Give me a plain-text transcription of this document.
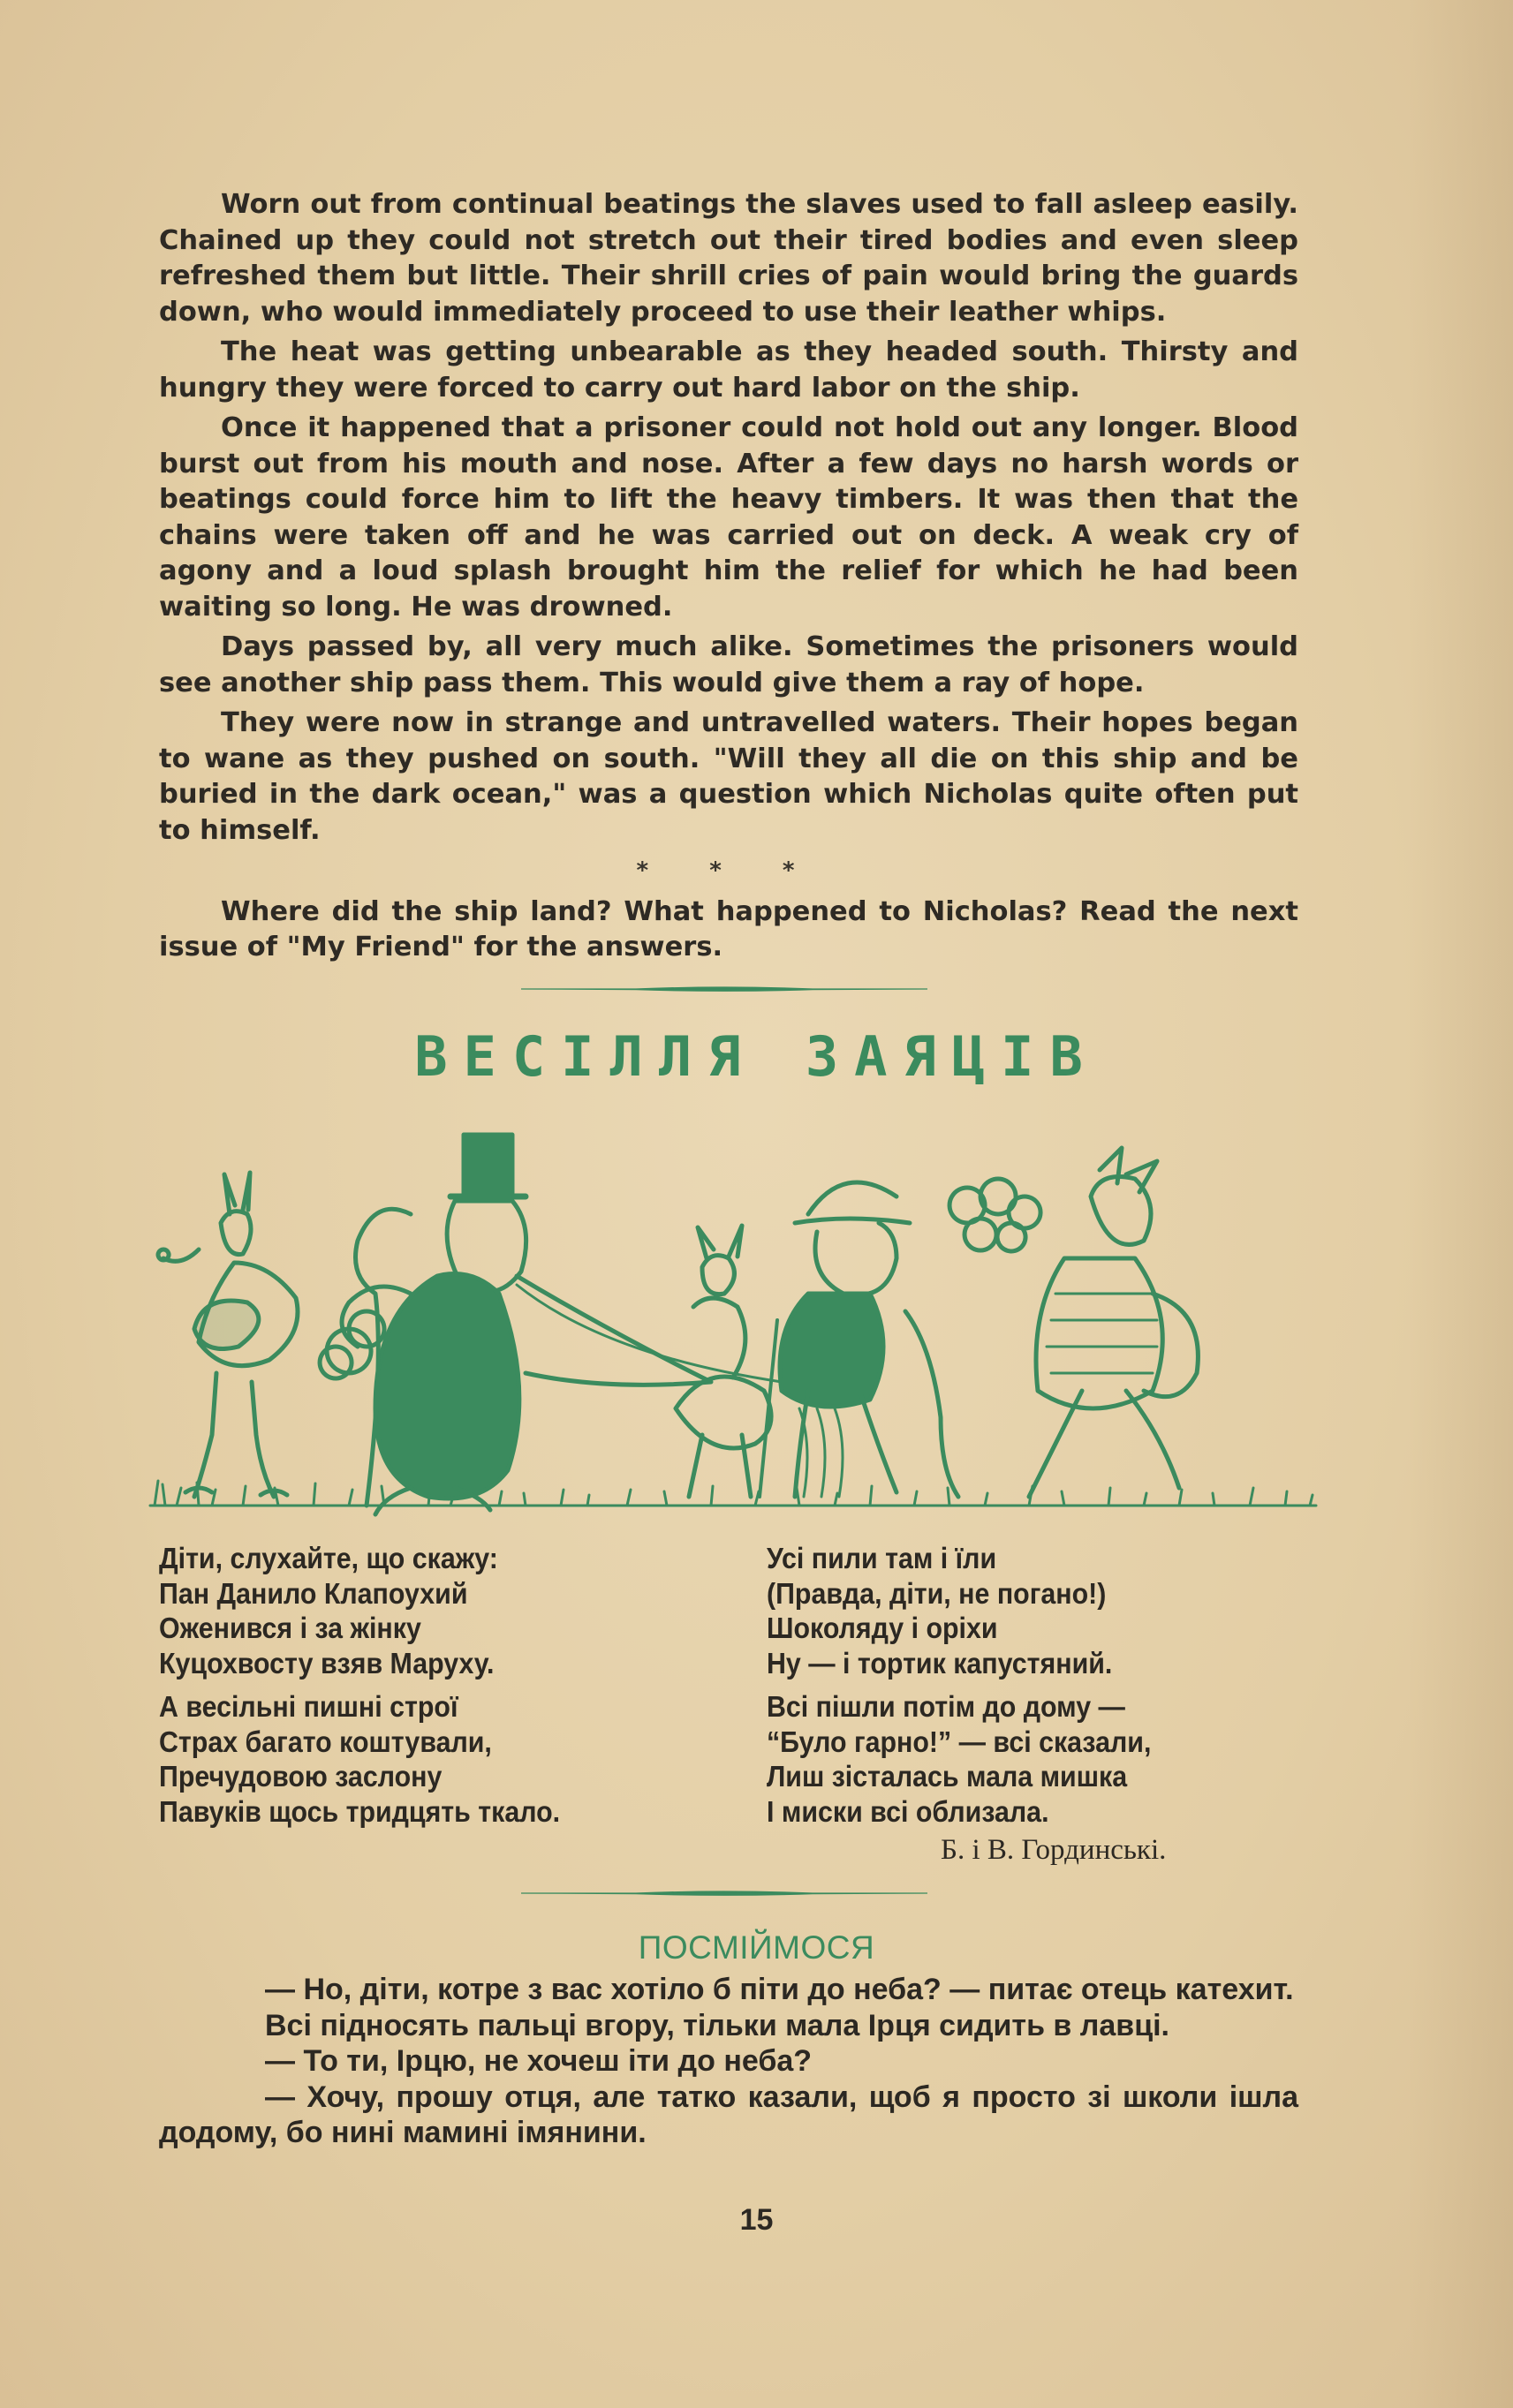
Worn out from continual beatings the slaves used to fall asleep easily. Chained up they could not stretch out their tired bodies and even sleep refreshed them but little. Their shrill cries of pain would bring the guards down, who would immediately proceed to use their leather whips.

The heat was getting unbearable as they headed south. Thirsty and hungry they were forced to carry out hard labor on the ship.

Once it happened that a prisoner could not hold out any longer. Blood burst out from his mouth and nose. After a few days no harsh words or beatings could force him to lift the heavy timbers. It was then that the chains were taken off and he was carried out on deck. A weak cry of agony and a loud splash brought him the relief for which he had been waiting so long. He was drowned.

Days passed by, all very much alike. Sometimes the prisoners would see another ship pass them. This would give them a ray of hope.

They were now in strange and untravelled waters. Their hopes began to wane as they pushed on south. "Will they all die on this ship and be buried in the dark ocean," was a question which Nicholas quite often put to himself.

* * *

Where did the ship land? What happened to Nicholas? Read the next issue of "My Friend" for the answers.

ВЕСІЛЛЯ ЗАЯЦІВ
Діти, слухайте, що скажу:
Пан Данило Клапоухий
Оженився і за жінку
Куцохвосту взяв Маруху.
А весільні пишні строї
Страх багато коштували,
Пречудовою заслону
Павуків щось тридцять ткало.
Усі пили там і їли
(Правда, діти, не погано!)
Шоколяду і оріхи
Ну — і тортик капустяний.
Всі пішли потім до дому —
“Було гарно!” — всі сказали,
Лиш зісталась мала мишка
І миски всі облизала.
Б. і В. Гординські.
ПОСМІЙМОСЯ

— Но, діти, котре з вас хотіло б піти до неба? — питає отець катехит.

Всі підносять пальці вгору, тільки мала Ірця сидить в лавці.

— То ти, Ірцю, не хочеш іти до неба?

— Хочу, прошу отця, але татко казали, щоб я просто зі школи ішла додому, бо нині мамині імянини.

15
